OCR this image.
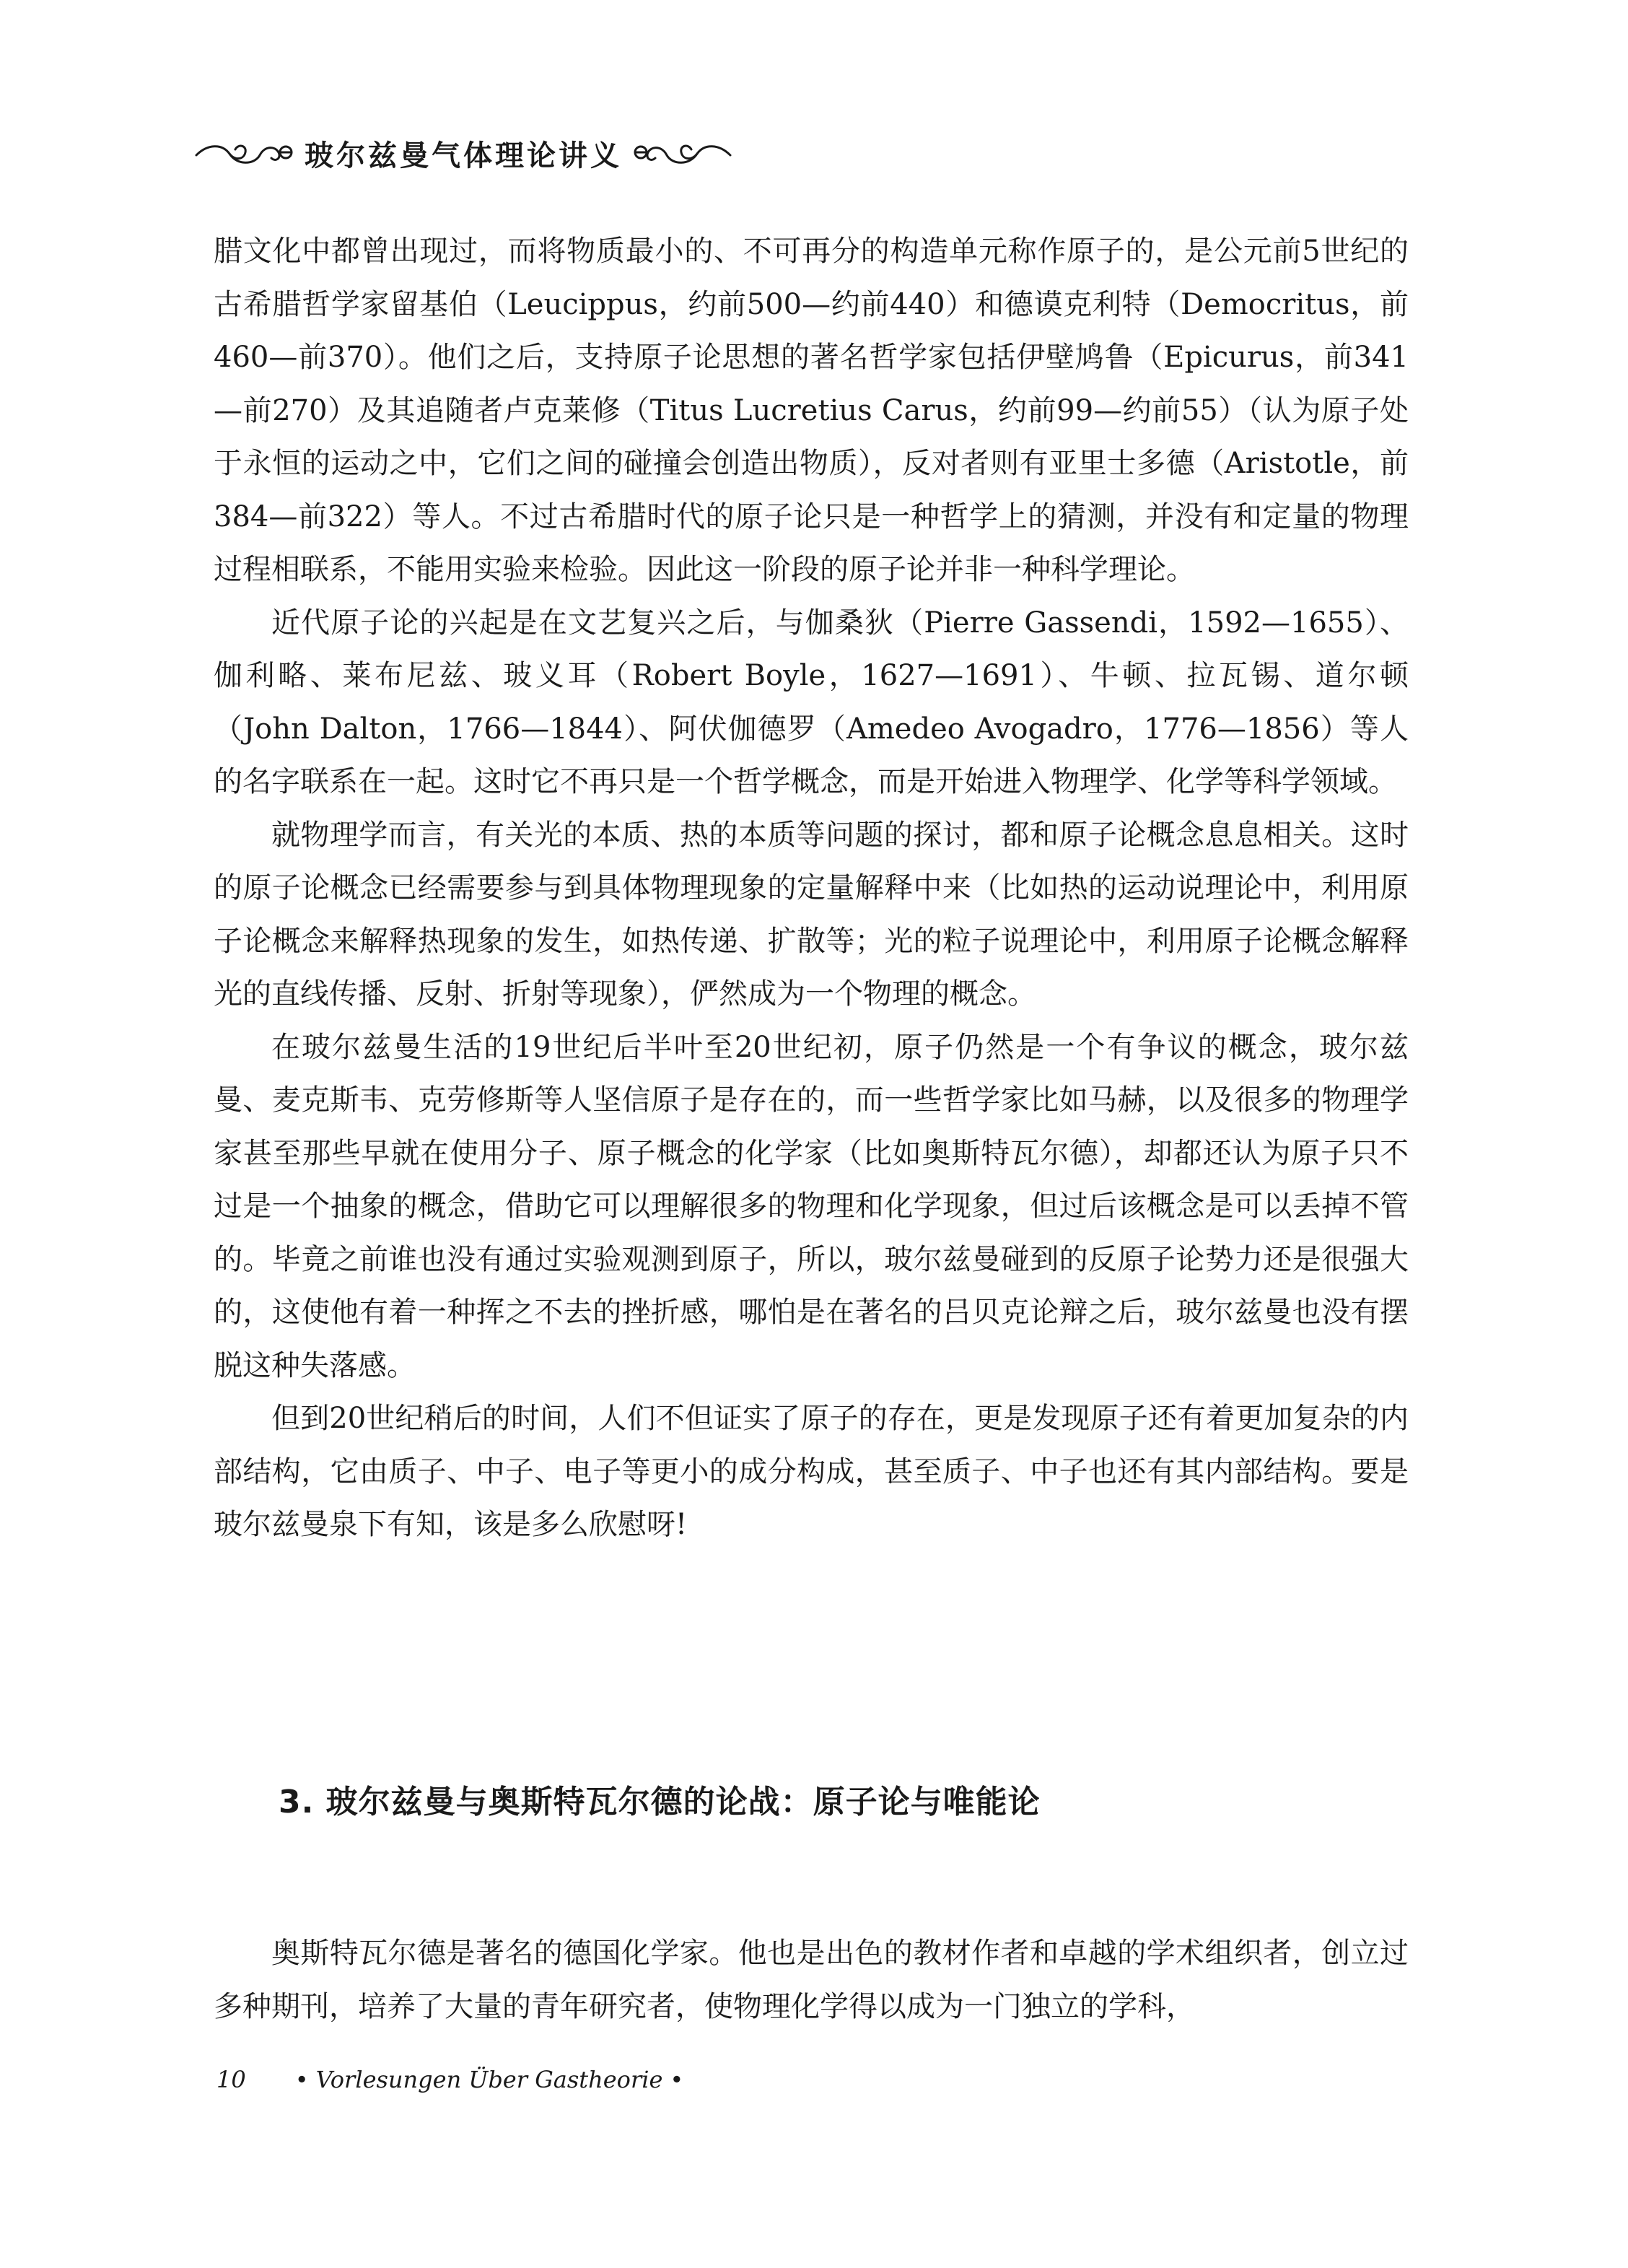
玻尔兹曼气体理论讲义

腊文化中都曾出现过，而将物质最小的、不可再分的构造单元称作原子的，是公元前5世纪的古希腊哲学家留基伯（Leucippus，约前500—约前440）和德谟克利特（Democritus，前460—前370）。他们之后，支持原子论思想的著名哲学家包括伊壁鸠鲁（Epicurus，前341—前270）及其追随者卢克莱修（Titus Lucretius Carus，约前99—约前55）（认为原子处于永恒的运动之中，它们之间的碰撞会创造出物质），反对者则有亚里士多德（Aristotle，前384—前322）等人。不过古希腊时代的原子论只是一种哲学上的猜测，并没有和定量的物理过程相联系，不能用实验来检验。因此这一阶段的原子论并非一种科学理论。

近代原子论的兴起是在文艺复兴之后，与伽桑狄（Pierre Gassendi，1592—1655）、伽利略、莱布尼兹、玻义耳（Robert Boyle，1627—1691）、牛顿、拉瓦锡、道尔顿（John Dalton，1766—1844）、阿伏伽德罗（Amedeo Avogadro，1776—1856）等人的名字联系在一起。这时它不再只是一个哲学概念，而是开始进入物理学、化学等科学领域。

就物理学而言，有关光的本质、热的本质等问题的探讨，都和原子论概念息息相关。这时的原子论概念已经需要参与到具体物理现象的定量解释中来（比如热的运动说理论中，利用原子论概念来解释热现象的发生，如热传递、扩散等；光的粒子说理论中，利用原子论概念解释光的直线传播、反射、折射等现象），俨然成为一个物理的概念。

在玻尔兹曼生活的19世纪后半叶至20世纪初，原子仍然是一个有争议的概念，玻尔兹曼、麦克斯韦、克劳修斯等人坚信原子是存在的，而一些哲学家比如马赫，以及很多的物理学家甚至那些早就在使用分子、原子概念的化学家（比如奥斯特瓦尔德），却都还认为原子只不过是一个抽象的概念，借助它可以理解很多的物理和化学现象，但过后该概念是可以丢掉不管的。毕竟之前谁也没有通过实验观测到原子，所以，玻尔兹曼碰到的反原子论势力还是很强大的，这使他有着一种挥之不去的挫折感，哪怕是在著名的吕贝克论辩之后，玻尔兹曼也没有摆脱这种失落感。

但到20世纪稍后的时间，人们不但证实了原子的存在，更是发现原子还有着更加复杂的内部结构，它由质子、中子、电子等更小的成分构成，甚至质子、中子也还有其内部结构。要是玻尔兹曼泉下有知，该是多么欣慰呀!

3. 玻尔兹曼与奥斯特瓦尔德的论战：原子论与唯能论

奥斯特瓦尔德是著名的德国化学家。他也是出色的教材作者和卓越的学术组织者，创立过多种期刊，培养了大量的青年研究者，使物理化学得以成为一门独立的学科，

10 • Vorlesungen Über Gastheorie •
